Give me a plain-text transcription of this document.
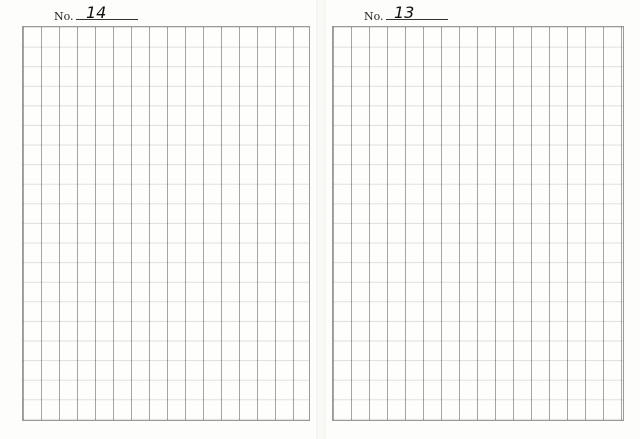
No. 14	No. 13
